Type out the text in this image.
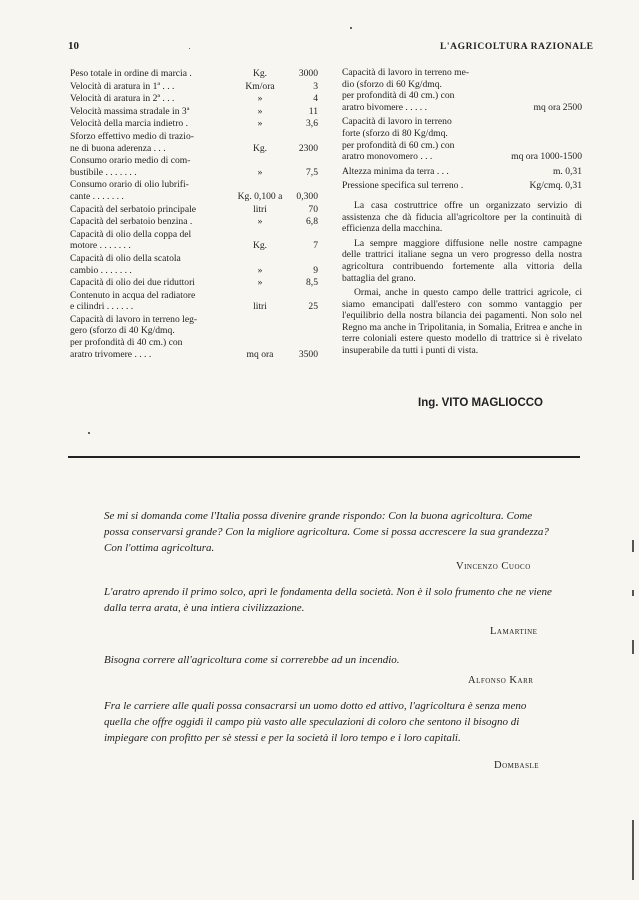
10	L'AGRICOLTURA RAZIONALE
Peso totale in ordine di marcia .	Kg.	3000
Velocità di aratura in 1ª . . .	Km/ora	3
Velocità di aratura in 2ª . . .	»	4
Velocità massima stradale in 3ª	»	11
Velocità della marcia indietro .	»	3,6
Sforzo effettivo medio di trazio-
ne di buona aderenza . . .	Kg.	2300
Consumo orario medio di com-
bustibile . . . . . . .	»	7,5
Consumo orario di olio lubrifi-
cante . . . . . . .	Kg. 0,100 a	0,300
Capacità del serbatoio principale	litri	70
Capacità del serbatoio benzina .	»	6,8
Capacità di olio della coppa del
motore . . . . . . .	Kg.	7
Capacità di olio della scatola
cambio . . . . . . .	»	9
Capacità di olio dei due riduttori	»	8,5
Contenuto in acqua del radiatore
e cilindri . . . . . .	litri	25
Capacità di lavoro in terreno leg-
gero (sforzo di 40 Kg/dmq.
per profondità di 40 cm.) con
aratro trivomere . . . .	mq ora	3500
Capacità di lavoro in terreno me-
dio (sforzo di 60 Kg/dmq.
per profondità di 40 cm.) con
aratro bivomere . . . . .	mq ora 2500
Capacità di lavoro in terreno
forte (sforzo di 80 Kg/dmq.
per profondità di 60 cm.) con
aratro monovomero . . .	mq ora 1000-1500
Altezza minima da terra . . .	m. 0,31
Pressione specifica sul terreno .	Kg/cmq. 0,31

La casa costruttrice offre un organizzato servizio di assistenza che dà fiducia all'agricoltore per la continuità di efficienza della macchina.

La sempre maggiore diffusione nelle nostre campagne delle trattrici italiane segna un vero progresso della nostra agricoltura contribuendo fortemente alla vittoria della battaglia del grano.

Ormai, anche in questo campo delle trattrici agricole, ci siamo emancipati dall'estero con sommo vantaggio per l'equilibrio della nostra bilancia dei pagamenti. Non solo nel Regno ma anche in Tripolitania, in Somalia, Eritrea e anche in terre coloniali estere questo modello di trattrice si è rivelato insuperabile da tutti i punti di vista.

Ing. VITO MAGLIOCCO
Se mi si domanda come l'Italia possa divenire grande rispondo: Con la buona agricoltura. Come possa conservarsi grande? Con la migliore agricoltura. Come si possa accrescere la sua grandezza? Con l'ottima agricoltura.
Vincenzo Cuoco
L'aratro aprendo il primo solco, aprì le fondamenta della società. Non è il solo frumento che ne viene dalla terra arata, è una intiera civilizzazione.
Lamartine
Bisogna correre all'agricoltura come si correrebbe ad un incendio.
Alfonso Karr
Fra le carriere alle quali possa consacrarsi un uomo dotto ed attivo, l'agricoltura è senza meno quella che offre oggidì il campo più vasto alle speculazioni di coloro che sentono il bisogno di impiegare con profitto per sè stessi e per la società il loro tempo e i loro capitali.
Dombasle
